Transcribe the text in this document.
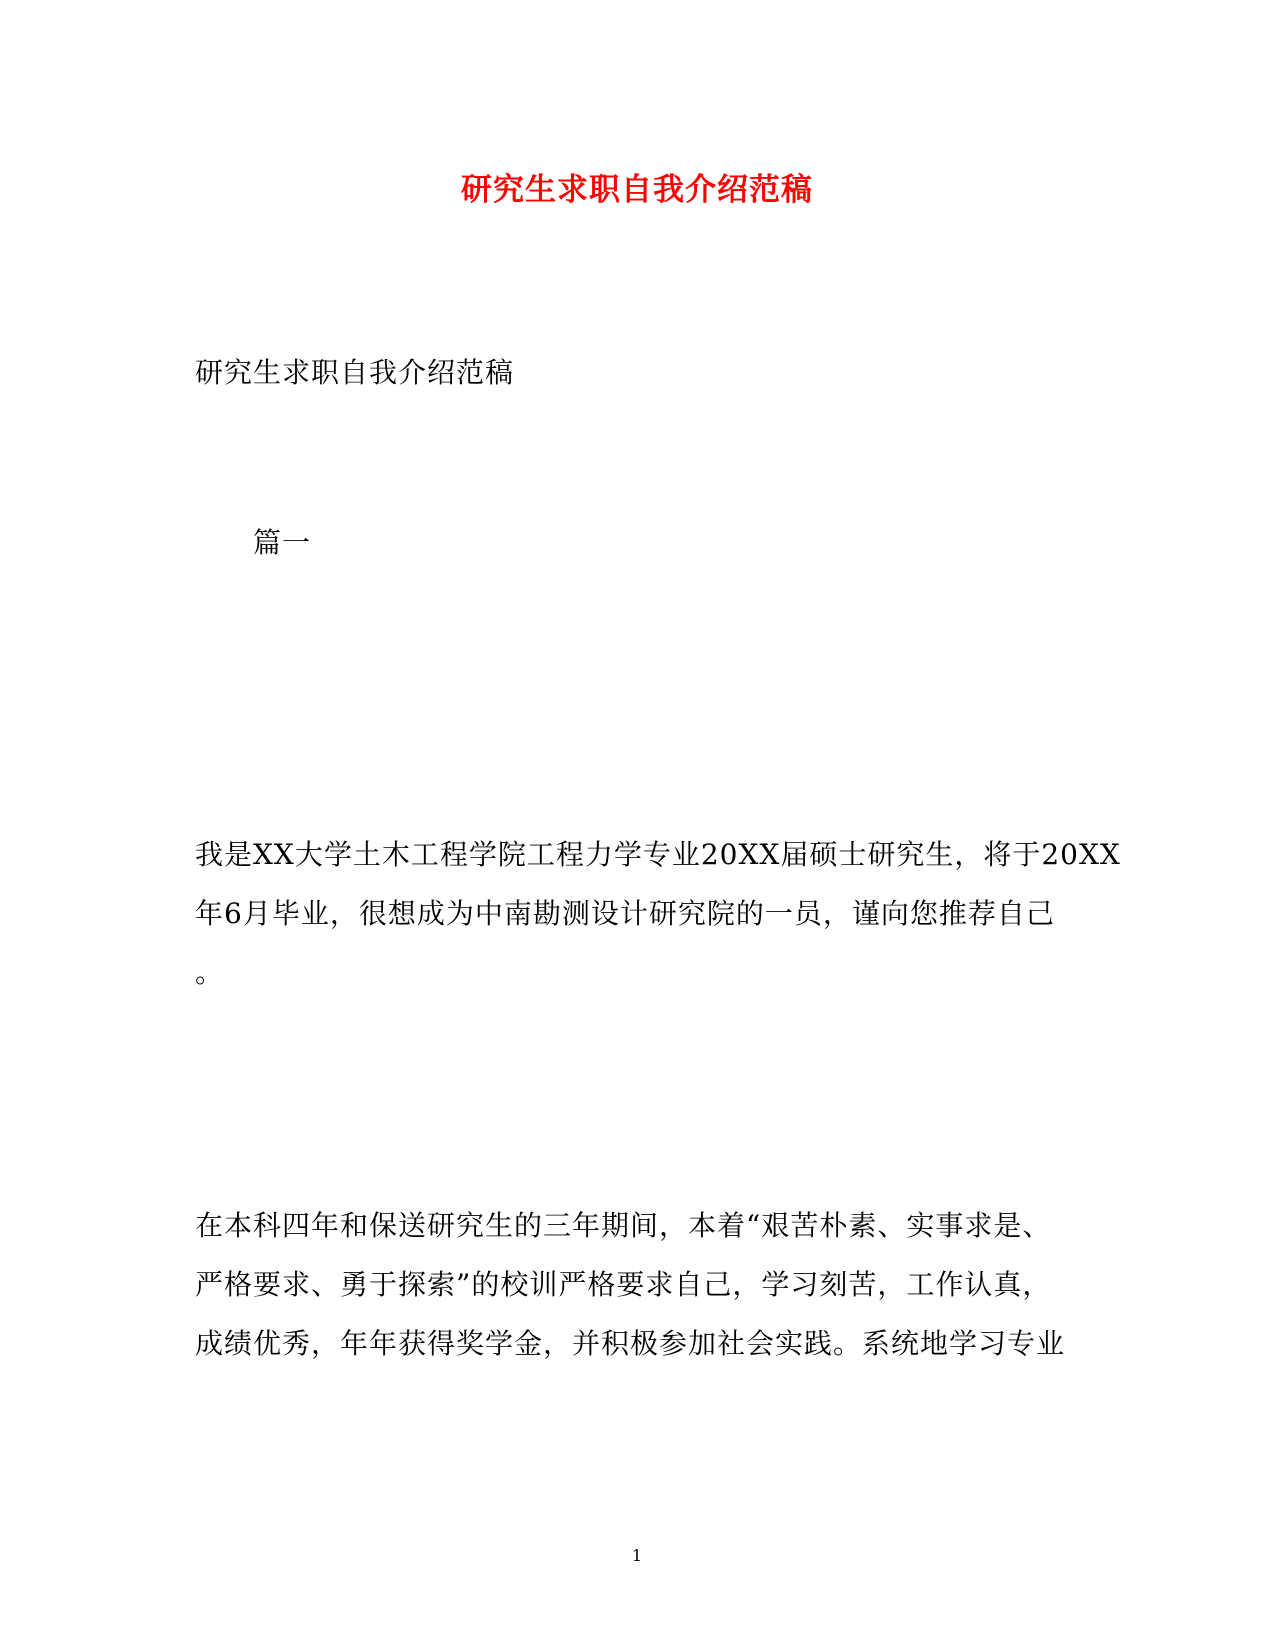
研究生求职自我介绍范稿
研究生求职自我介绍范稿
篇一
我是XX大学土木工程学院工程力学专业20XX届硕士研究生，将于20XX
年6月毕业，很想成为中南勘测设计研究院的一员，谨向您推荐自己
。
在本科四年和保送研究生的三年期间，本着“艰苦朴素、实事求是、
严格要求、勇于探索”的校训严格要求自己，学习刻苦，工作认真，
成绩优秀，年年获得奖学金，并积极参加社会实践。系统地学习专业
1
